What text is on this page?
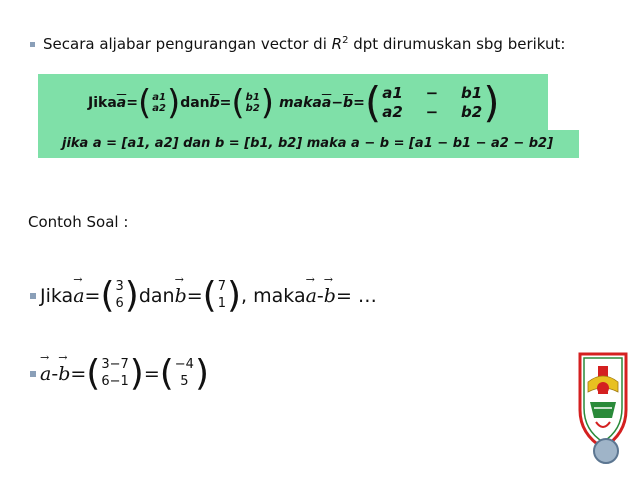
Secara aljabar pengurangan vector di $R^2$ dpt dirumuskan sbg berikut:
Jika $\overline{a}$ = ( a1
a2 ) dan $\overline{b}$ = ( b1
b2 ) maka $\overline{a} - \overline{b}$ = ( a1 − b1
a2 − b2 )
jika a = [a1, a2] dan b = [b1, b2] maka a − b = [a1 − b1 − a2 − b2]
Contoh Soal :
Jika → a = ( 3
6 ) dan → b = ( 7
1 ) , maka → a - → b = …
→ a - → b = ( 3−7
6−1 ) = ( −4
5 )
